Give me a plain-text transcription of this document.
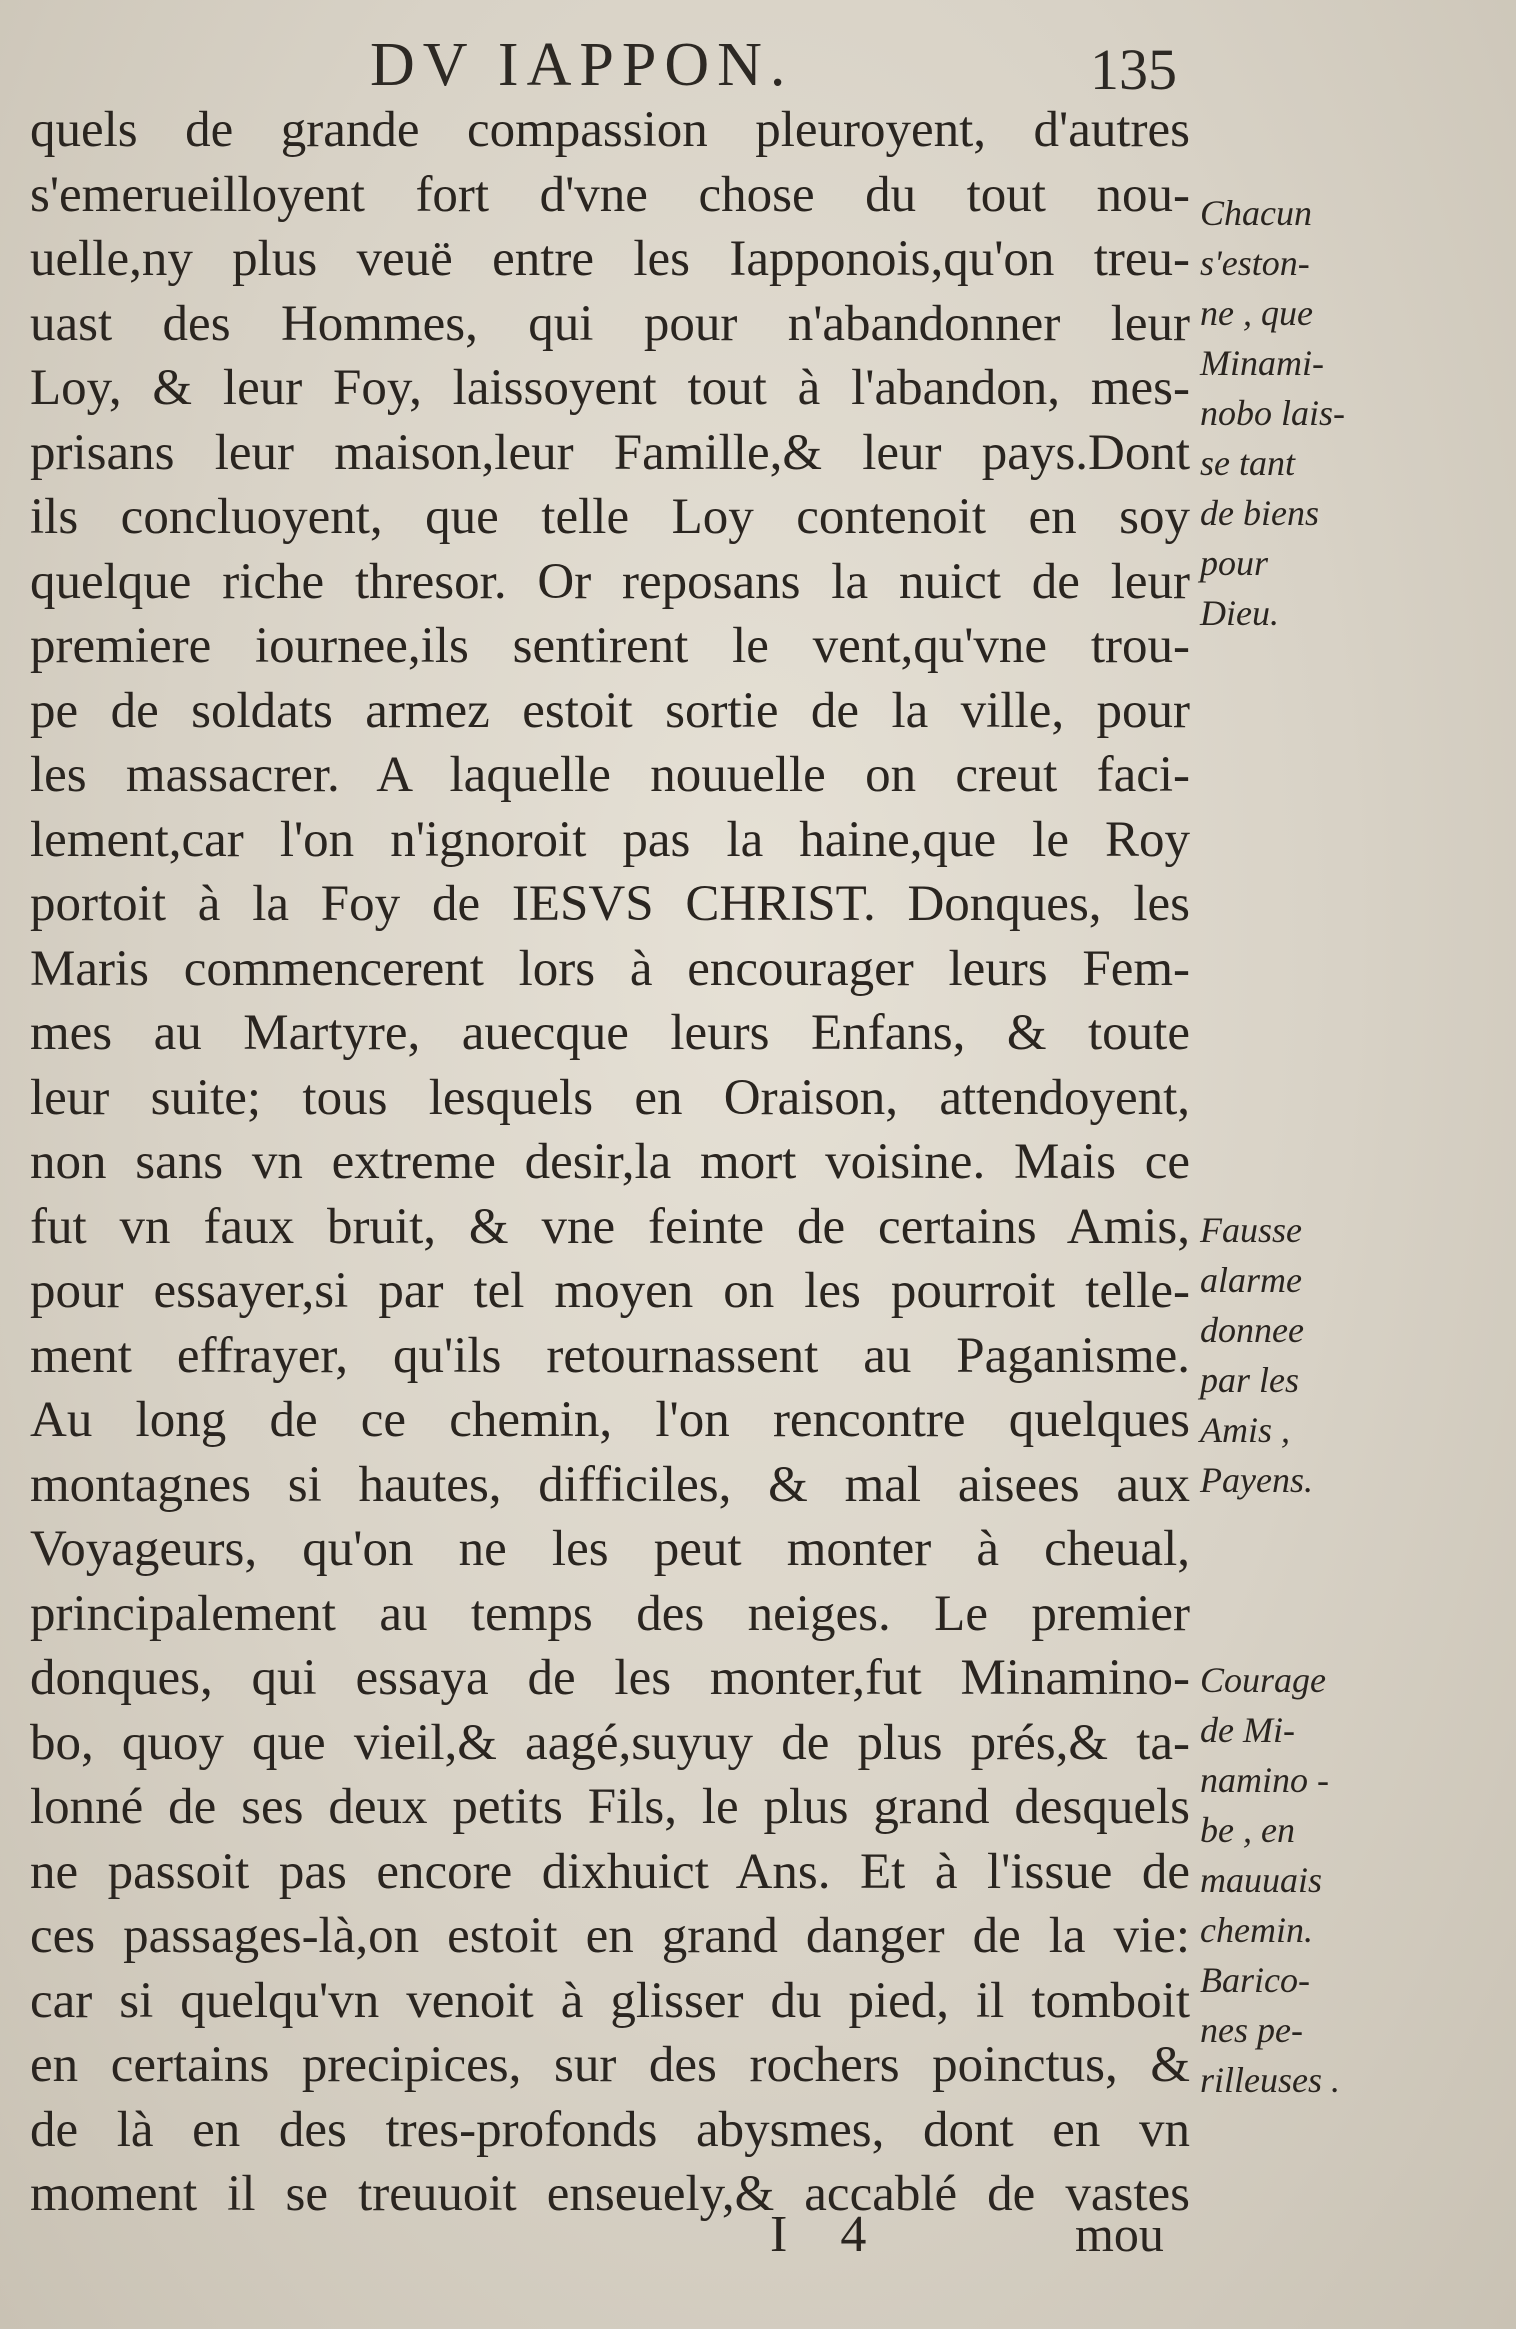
DV IAPPON.	135
quels de grande compassion pleuroyent, d'autres
s'emerueilloyent fort d'vne chose du tout nou-
uelle,ny plus veuë entre les Iapponois,qu'on treu-
uast des Hommes, qui pour n'abandonner leur
Loy, & leur Foy, laissoyent tout à l'abandon, mes-
prisans leur maison,leur Famille,& leur pays.Dont
ils concluoyent, que telle Loy contenoit en soy
quelque riche thresor. Or reposans la nuict de leur
premiere iournee,ils sentirent le vent,qu'vne trou-
pe de soldats armez estoit sortie de la ville, pour
les massacrer. A laquelle nouuelle on creut faci-
lement,car l'on n'ignoroit pas la haine,que le Roy
portoit à la Foy de IESVS CHRIST. Donques, les
Maris commencerent lors à encourager leurs Fem-
mes au Martyre, auecque leurs Enfans, & toute
leur suite; tous lesquels en Oraison, attendoyent,
non sans vn extreme desir,la mort voisine. Mais ce
fut vn faux bruit, & vne feinte de certains Amis,
pour essayer,si par tel moyen on les pourroit telle-
ment effrayer, qu'ils retournassent au Paganisme.
Au long de ce chemin, l'on rencontre quelques
montagnes si hautes, difficiles, & mal aisees aux
Voyageurs, qu'on ne les peut monter à cheual,
principalement au temps des neiges. Le premier
donques, qui essaya de les monter,fut Minamino-
bo, quoy que vieil,& aagé,suyuy de plus prés,& ta-
lonné de ses deux petits Fils, le plus grand desquels
ne passoit pas encore dixhuict Ans. Et à l'issue de
ces passages-là,on estoit en grand danger de la vie:
car si quelqu'vn venoit à glisser du pied, il tomboit
en certains precipices, sur des rochers poinctus, &
de là en des tres-profonds abysmes, dont en vn
moment il se treuuoit enseuely,& accablé de vastes
Chacun
s'eston-
ne , que
Minami-
nobo lais-
se tant
de biens
pour
Dieu.
Fausse
alarme
donnee
par les
Amis ,
Payens.
Courage
de Mi-
namino -
be , en
mauuais
chemin.
Barico-
nes pe-
rilleuses .
I 4	mou
